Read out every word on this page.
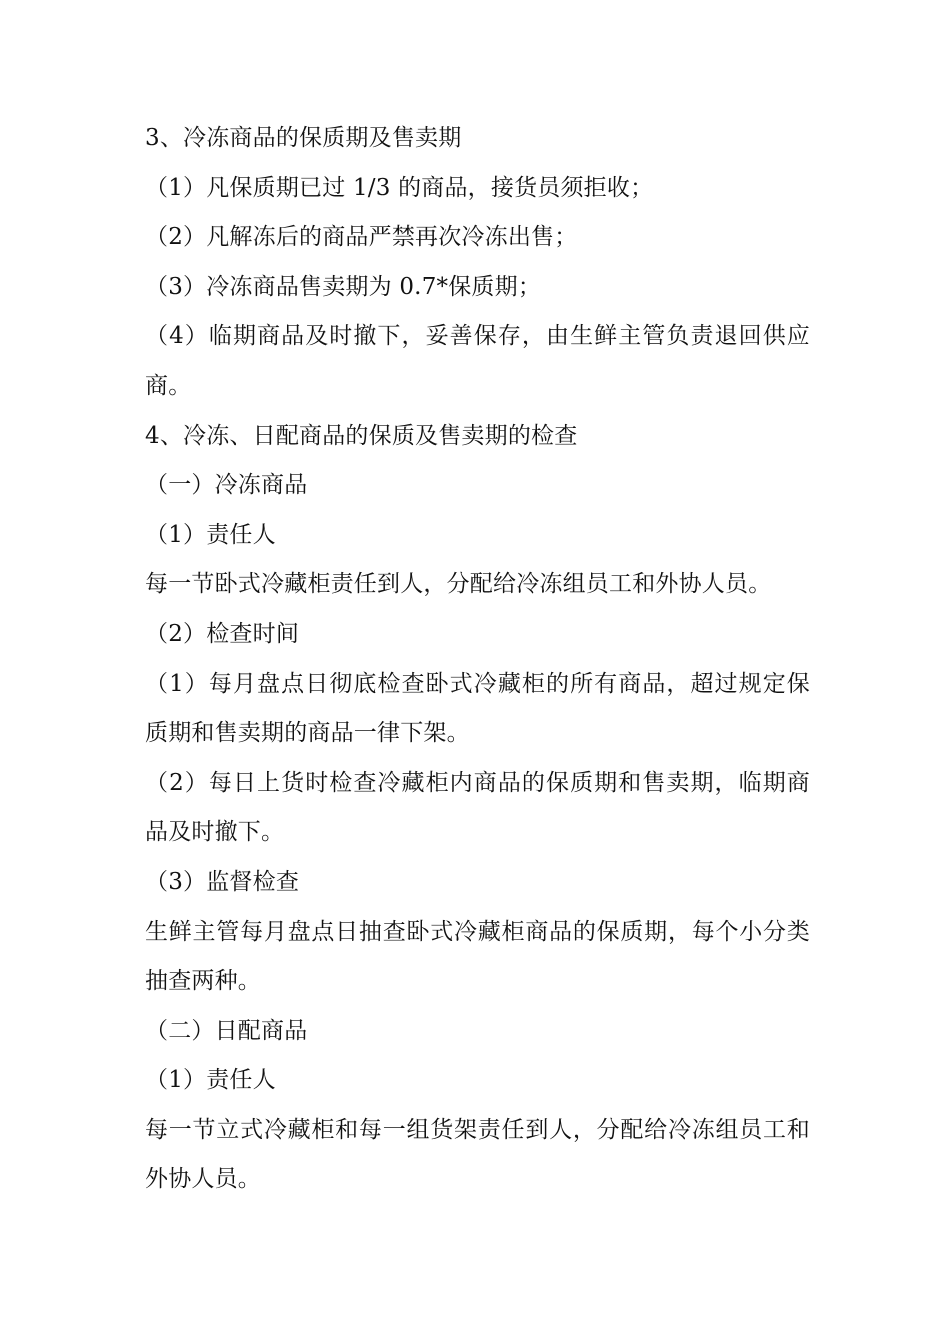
3、冷冻商品的保质期及售卖期
（1）凡保质期已过 1/3 的商品，接货员须拒收；
（2）凡解冻后的商品严禁再次冷冻出售；
（3）冷冻商品售卖期为 0.7*保质期；
（4）临期商品及时撤下，妥善保存，由生鲜主管负责退回供应
商。
4、冷冻、日配商品的保质及售卖期的检查
（一）冷冻商品
（1）责任人
每一节卧式冷藏柜责任到人，分配给冷冻组员工和外协人员。
（2）检查时间
（1）每月盘点日彻底检查卧式冷藏柜的所有商品，超过规定保
质期和售卖期的商品一律下架。
（2）每日上货时检查冷藏柜内商品的保质期和售卖期，临期商
品及时撤下。
（3）监督检查
生鲜主管每月盘点日抽查卧式冷藏柜商品的保质期，每个小分类
抽查两种。
（二）日配商品
（1）责任人
每一节立式冷藏柜和每一组货架责任到人，分配给冷冻组员工和
外协人员。
